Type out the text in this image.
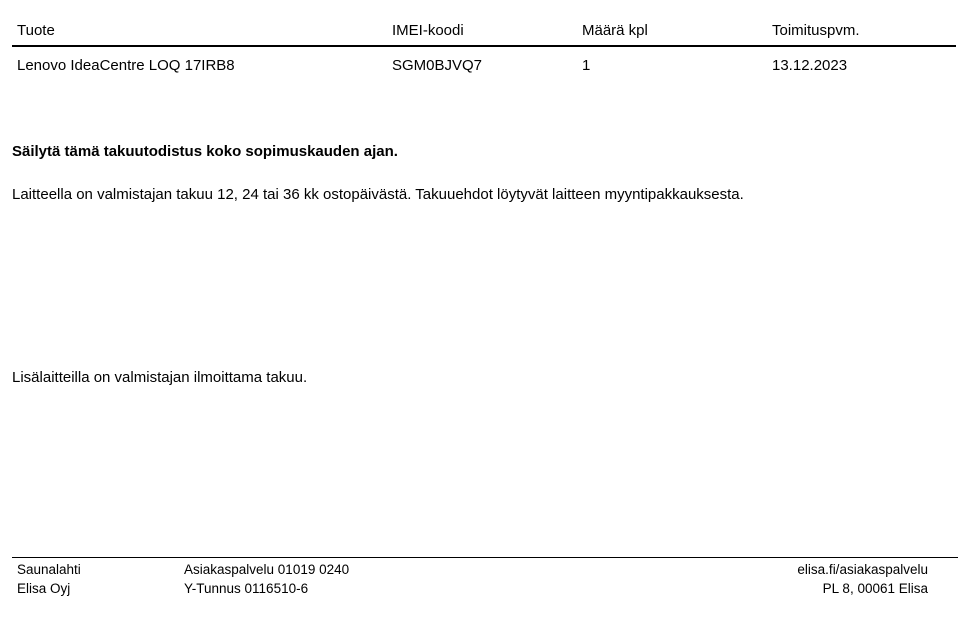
Tuote	IMEI-koodi	Määrä kpl	Toimituspvm.
Lenovo IdeaCentre LOQ 17IRB8	SGM0BJVQ7	1	13.12.2023
Säilytä tämä takuutodistus koko sopimuskauden ajan.
Laitteella on valmistajan takuu 12, 24 tai 36 kk ostopäivästä. Takuuehdot löytyvät laitteen myyntipakkauksesta.
Lisälaitteilla on valmistajan ilmoittama takuu.
Saunalahti
Elisa Oyj
Asiakaspalvelu 01019 0240
Y-Tunnus 0116510-6
elisa.fi/asiakaspalvelu
PL 8, 00061 Elisa
